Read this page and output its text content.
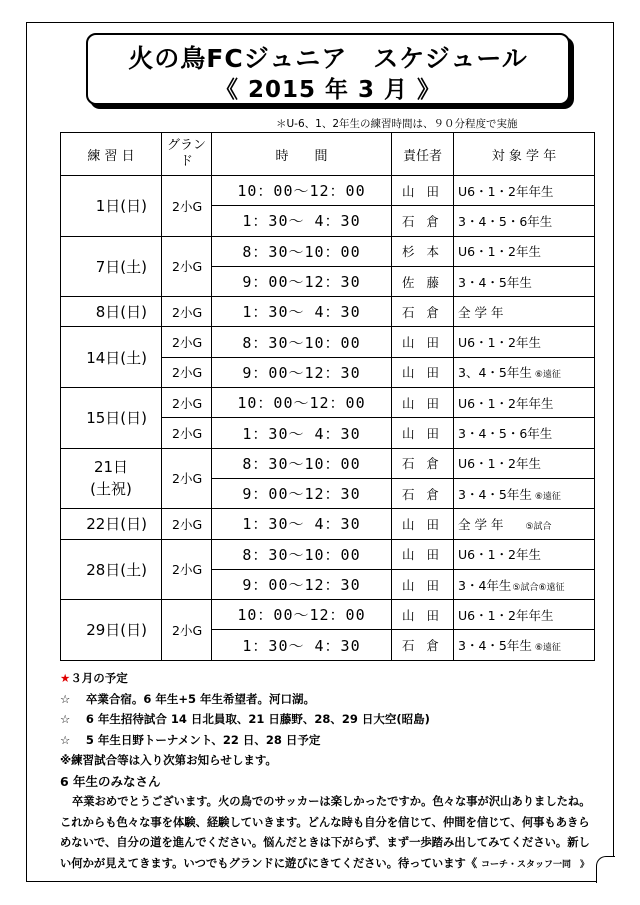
火の鳥FCジュニア　スケジュール
《 2015 年 3 月 》
＊U-6、1、2年生の練習時間は、９０分程度で実施
練 習 日	グラン ド	時　　間	責任者	対 象 学 年
1日(日)	2小G	10：00～12：00	山 田	U6・1・2年年生
		1：30～ 4：30	石 倉	3・4・5・6年生
7日(土)	2小G	8：30～10：00	杉 本	U6・1・2年生
		9：00～12：30	佐 藤	3・4・5年生
8日(日)	2小G	1：30～ 4：30	石 倉	全 学 年
14日(土)	2小G	8：30～10：00	山 田	U6・1・2年生
	2小G	9：00～12：30	山 田	3、4・5年生 ⑥遠征
15日(日)	2小G	10：00～12：00	山 田	U6・1・2年年生
	2小G	1：30～ 4：30	山 田	3・4・5・6年生

21日
(土祝)	2小G	8：30～10：00	石 倉	U6・1・2年生
		9：00～12：30	石 倉	3・4・5年生 ⑥遠征
22日(日)	2小G	1：30～ 4：30	山 田	全 学 年 ⑤試合
28日(土)	2小G	8：30～10：00	山 田	U6・1・2年生
		9：00～12：30	山 田	3・4年生⑤試合⑥遠征
29日(日)	2小G	10：00～12：00	山 田	U6・1・2年年生
		1：30～ 4：30	石 倉	3・4・5年生 ⑥遠征
★３月の予定
☆　 卒業合宿。6 年生+5 年生希望者。河口湖。
☆　 6 年生招待試合 14 日北員取、21 日藤野、28、29 日大空(昭島)
☆　 5 年生日野トーナメント、22 日、28 日予定
※練習試合等は入り次第お知らせします。
6 年生のみなさん
卒業おめでとうございます。火の鳥でのサッカーは楽しかったですか。色々な事が沢山ありましたね。
これからも色々な事を体験、経験していきます。どんな時も自分を信じて、仲間を信じて、何事もあきら
めないで、自分の道を進んでください。悩んだときは下がらず、まず一歩踏み出してみてください。新し
い何かが見えてきます。いつでもグランドに遊びにきてください。待っています《 コーチ・スタッフ一同　》
